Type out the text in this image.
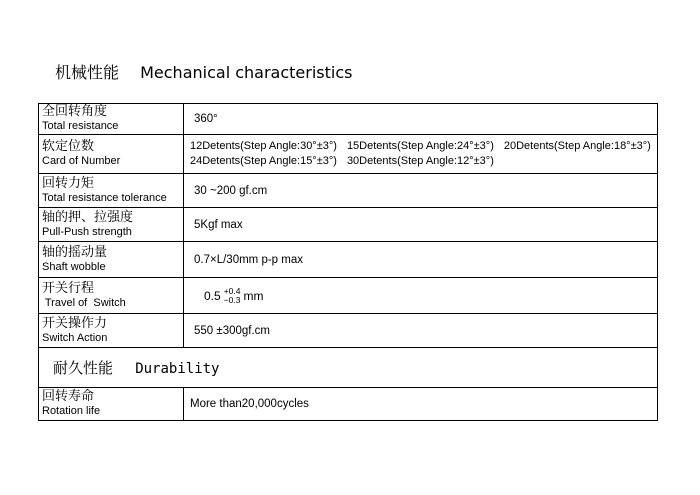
机械性能 Mechanical characteristics
全回转角度
Total resistance	360°

软定位数
Card of Number	12Detents(Step Angle:30°±3°) 15Detents(Step Angle:24°±3°) 20Detents(Step Angle:18°±3°)
24Detents(Step Angle:15°±3°) 30Detents(Step Angle:12°±3°)

回转力矩
Total resistance tolerance	30 ~200 gf.cm

轴的押、拉强度
Pull-Push strength	5Kgf max

轴的摇动量
Shaft wobble	0.7×L/30mm p-p max

开关行程
Travel of  Switch	0.5 +0.4
−0.3 mm

开关操作力
Switch Action	550 ±300gf.cm
耐久性能 Durability	

回转寿命
Rotation life	More than20,000cycles
